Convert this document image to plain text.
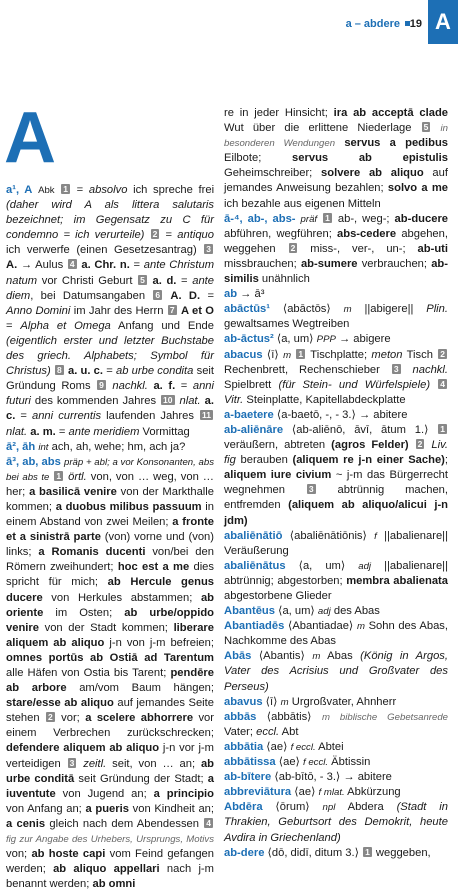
a – abdere 19 A
A

a¹, A Abk 1 = absolvo ich spreche frei (daher wird A als littera salutaris bezeichnet; im Gegensatz zu C für condemno = ich verurteile) 2 = antiquo ich verwerfe (einen Gesetzesantrag) 3 A. → Aulus 4 a. Chr. n. = ante Christum natum vor Christi Geburt 5 a. d. = ante diem, bei Datumsangaben 6 A. D. = Anno Domini im Jahr des Herrn 7 A et O = Alpha et Omega Anfang und Ende (eigentlich erster und letzter Buchstabe des griech. Alphabets; Symbol für Christus) 8 a. u. c. = ab urbe condita seit Gründung Roms 9 nachkl. a. f. = anni futuri des kommenden Jahres 10 nlat. a. c. = anni currentis laufenden Jahres 11 nlat. a. m. = ante meridiem Vormittag

ā², āh int ach, ah, wehe; hm, ach ja?

ā³, ab, abs präp + abl; a vor Konsonanten, abs bei abs te 1 örtl. von, von … weg, von … her; a basilicā venire von der Markthalle kommen; a duobus milibus passuum in einem Abstand von zwei Meilen; a fronte et a sinistrā parte (von) vorne und (von) links; a Romanis ducenti von/bei den Römern zweihundert; hoc est a me dies spricht für mich; ab Herculе genus ducere von Herkules abstammen; ab oriente im Osten; ab urbe/oppido venire von der Stadt kommen; liberare aliquem ab aliquo j-n von j-m befreien; omnes portūs ab Ostiā ad Tarentum alle Häfen von Ostia bis Tarent; pendēre ab arbore am/vom Baum hängen; stare/esse ab aliquo auf jemandes Seite stehen 2 vor; a scelere abhorrere vor einem Verbrechen zurückschrecken; defendere aliquem ab aliquo j-n vor j-m verteidigen 3 zeitl. seit, von … an; ab urbe conditā seit Gründung der Stadt; a iuventute von Jugend an; a principio von Anfang an; a pueris von Kindheit an; a cenis gleich nach dem Abendessen 4 fig zur Angabe des Urhebers, Ursprungs, Motivs von; ab hoste capi vom Feind gefangen werden; ab aliquo appellari nach j-m benannt werden; ab omni

re in jeder Hinsicht; ira ab acceptā clade Wut über die erlittene Niederlage 5 in besonderen Wendungen servus a pedibus Eilbote; servus ab epistulis Geheimschreiber; solvere ab aliquo auf jemandes Anweisung bezahlen; solvo a me ich bezahle aus eigenen Mitteln

ā-⁴, ab-, abs- präf 1 ab-, weg-; ab-ducere abführen, wegführen; abs-cedere abgehen, weggehen 2 miss-, ver-, un-; ab-uti missbrauchen; ab-sumere verbrauchen; ab-similis unähnlich

ab → ā³

abāctūs¹ ⟨abāctōs⟩ m ||abigere|| Plin. gewaltsames Wegtreiben

ab-āctus² ⟨a, um⟩ PPP → abigere

abacus ⟨ī⟩ m 1 Tischplatte; meton Tisch 2 Rechenbrett, Rechenschieber 3 nachkl. Spielbrett (für Stein- und Würfelspiele) 4 Vitr. Steinplatte, Kapitellabdeckplatte

a-baetere ⟨a-baetō, -, - 3.⟩ → abitere

ab-aliēnāre ⟨ab-aliēnō, āvī, ātum 1.⟩ 1 veräußern, abtreten (agros Felder) 2 Liv. fig berauben (aliquem re j-n einer Sache); aliquem iure civium ~ j-m das Bürgerrecht wegnehmen 3 abtrünnig machen, entfremden (aliquem ab aliquo/alicui j-n jdm)

abaliēnātiō ⟨abaliēnātiōnis⟩ f ||abalienare|| Veräußerung

abaliēnātus ⟨a, um⟩ adj ||abalienare|| abtrünnig; abgestorben; membra abalienata abgestorbene Glieder

Abantēus ⟨a, um⟩ adj des Abas

Abantiadēs ⟨Abantiadae⟩ m Sohn des Abas, Nachkomme des Abas

Abās ⟨Abantis⟩ m Abas (König in Argos, Vater des Acrisius und Großvater des Perseus)

abavus ⟨ī⟩ m Urgroßvater, Ahnherr

abbās ⟨abbātis⟩ m biblische Gebetsanrede Vater; eccl. Abt

abbātia ⟨ae⟩ f eccl. Abtei

abbātissa ⟨ae⟩ f eccl. Äbtissin

ab-bītere ⟨ab-bītō, - 3.⟩ → abitere

abbreviātura ⟨ae⟩ f mlat. Abkürzung

Abdēra ⟨ōrum⟩ npl Abdera (Stadt in Thrakien, Geburtsort des Demokrit, heute Avdira in Griechenland)

ab-dere ⟨dō, didī, ditum 3.⟩ 1 weggeben,
